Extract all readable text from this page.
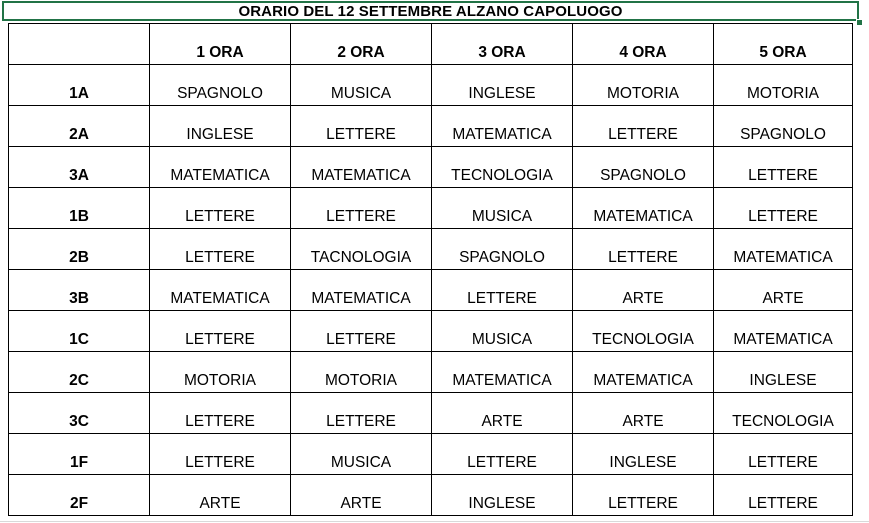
ORARIO DEL 12 SETTEMBRE ALZANO CAPOLUOGO
	1 ORA	2 ORA	3 ORA	4 ORA	5 ORA
1A	SPAGNOLO	MUSICA	INGLESE	MOTORIA	MOTORIA
2A	INGLESE	LETTERE	MATEMATICA	LETTERE	SPAGNOLO
3A	MATEMATICA	MATEMATICA	TECNOLOGIA	SPAGNOLO	LETTERE
1B	LETTERE	LETTERE	MUSICA	MATEMATICA	LETTERE
2B	LETTERE	TACNOLOGIA	SPAGNOLO	LETTERE	MATEMATICA
3B	MATEMATICA	MATEMATICA	LETTERE	ARTE	ARTE
1C	LETTERE	LETTERE	MUSICA	TECNOLOGIA	MATEMATICA
2C	MOTORIA	MOTORIA	MATEMATICA	MATEMATICA	INGLESE
3C	LETTERE	LETTERE	ARTE	ARTE	TECNOLOGIA
1F	LETTERE	MUSICA	LETTERE	INGLESE	LETTERE
2F	ARTE	ARTE	INGLESE	LETTERE	LETTERE
